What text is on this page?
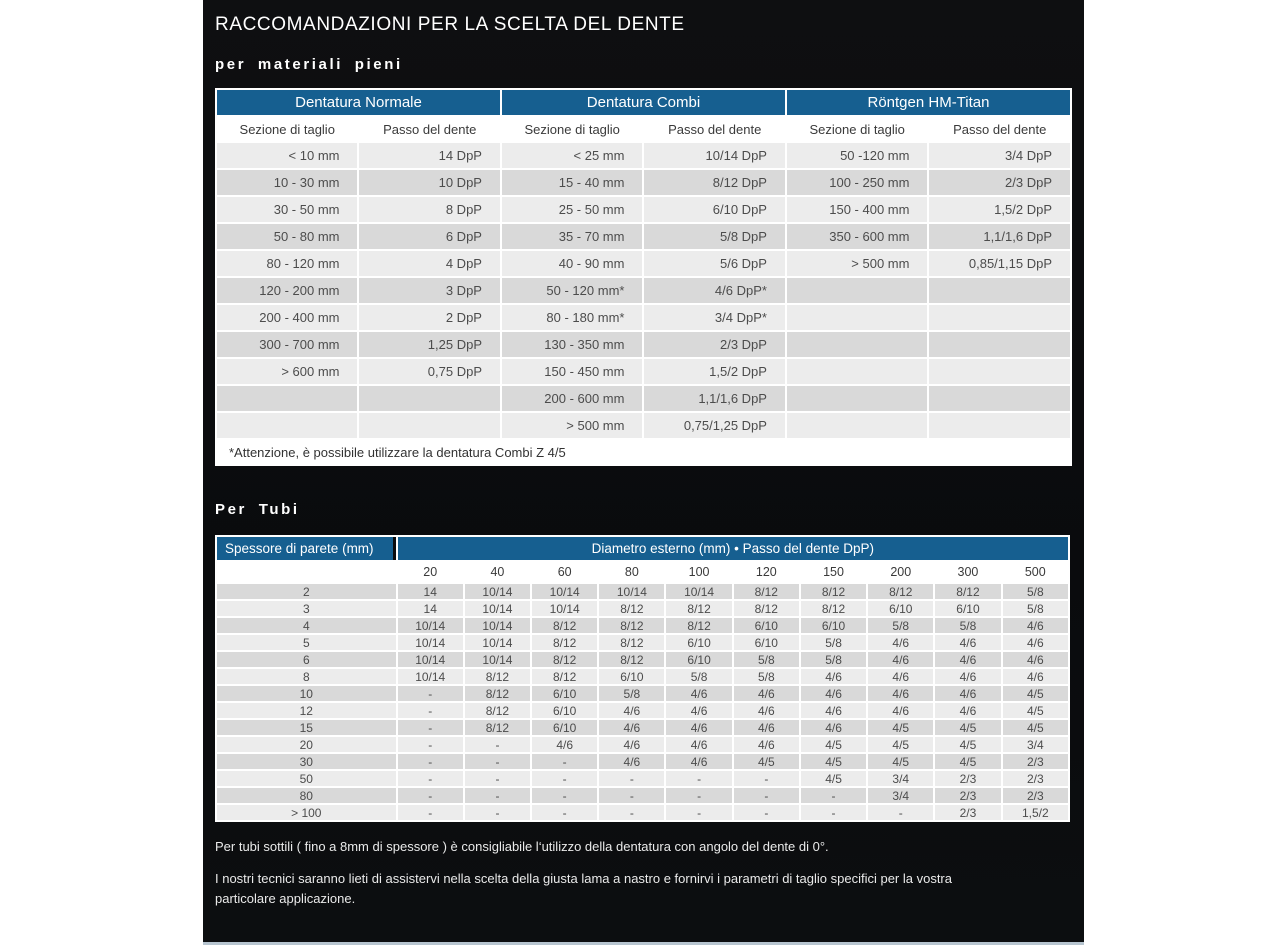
RACCOMANDAZIONI PER LA SCELTA DEL DENTE
per materiali pieni
Dentatura Normale		Dentatura Combi		Röntgen HM-Titan	
Sezione di taglio	Passo del dente	Sezione di taglio	Passo del dente	Sezione di taglio	Passo del dente
< 10 mm	14 DpP	< 25 mm	10/14 DpP	50 -120 mm	3/4 DpP
10 - 30 mm	10 DpP	15 - 40 mm	8/12 DpP	100 - 250 mm	2/3 DpP
30 - 50 mm	8 DpP	25 - 50 mm	6/10 DpP	150 - 400 mm	1,5/2 DpP
50 - 80 mm	6 DpP	35 - 70 mm	5/8 DpP	350 - 600 mm	1,1/1,6 DpP
80 - 120 mm	4 DpP	40 - 90 mm	5/6 DpP	> 500 mm	0,85/1,15 DpP
120 - 200 mm	3 DpP	50 - 120 mm*	4/6 DpP*		
200 - 400 mm	2 DpP	80 - 180 mm*	3/4 DpP*		
300 - 700 mm	1,25 DpP	130 - 350 mm	2/3 DpP		
> 600 mm	0,75 DpP	150 - 450 mm	1,5/2 DpP		
		200 - 600 mm	1,1/1,6 DpP		
		> 500 mm	0,75/1,25 DpP		
*Attenzione, è possibile utilizzare la dentatura Combi Z 4/5					
Per Tubi
Spessore di parete (mm)	Diametro esterno (mm) • Passo del dente DpP)									
	20	40	60	80	100	120	150	200	300	500
2	14	10/14	10/14	10/14	10/14	8/12	8/12	8/12	8/12	5/8
3	14	10/14	10/14	8/12	8/12	8/12	8/12	6/10	6/10	5/8
4	10/14	10/14	8/12	8/12	8/12	6/10	6/10	5/8	5/8	4/6
5	10/14	10/14	8/12	8/12	6/10	6/10	5/8	4/6	4/6	4/6
6	10/14	10/14	8/12	8/12	6/10	5/8	5/8	4/6	4/6	4/6
8	10/14	8/12	8/12	6/10	5/8	5/8	4/6	4/6	4/6	4/6
10	-	8/12	6/10	5/8	4/6	4/6	4/6	4/6	4/6	4/5
12	-	8/12	6/10	4/6	4/6	4/6	4/6	4/6	4/6	4/5
15	-	8/12	6/10	4/6	4/6	4/6	4/6	4/5	4/5	4/5
20	-	-	4/6	4/6	4/6	4/6	4/5	4/5	4/5	3/4
30	-	-	-	4/6	4/6	4/5	4/5	4/5	4/5	2/3
50	-	-	-	-	-	-	4/5	3/4	2/3	2/3
80	-	-	-	-	-	-	-	3/4	2/3	2/3
> 100	-	-	-	-	-	-	-	-	2/3	1,5/2
Per tubi sottili ( fino a 8mm di spessore ) è consigliabile l‘utilizzo della dentatura con angolo del dente di 0°.
I nostri tecnici saranno lieti di assistervi nella scelta della giusta lama a nastro e fornirvi i parametri di taglio specifici per la vostra particolare applicazione.
